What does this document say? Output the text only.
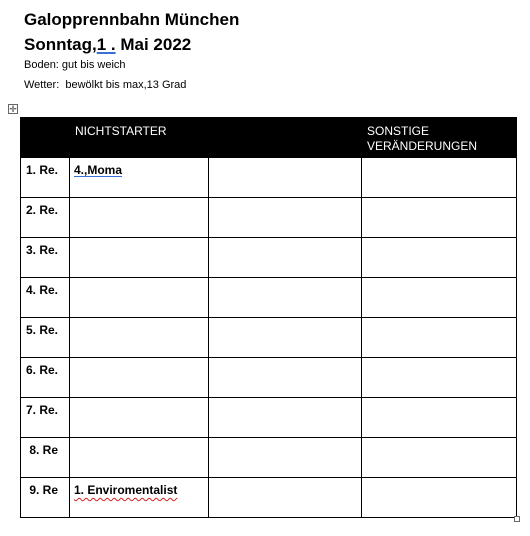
Galopprennbahn München
Sonntag,1 . Mai 2022
Boden: gut bis weich
Wetter:  bewölkt bis max,13 Grad
✛
	NICHTSTARTER		SONSTIGE VERÄNDERUNGEN
1. Re.	4.,Moma		
2. Re.			
3. Re.			
4. Re.			
5. Re.			
6. Re.			
7. Re.			
8. Re			
9. Re	1. Enviromentalist		
